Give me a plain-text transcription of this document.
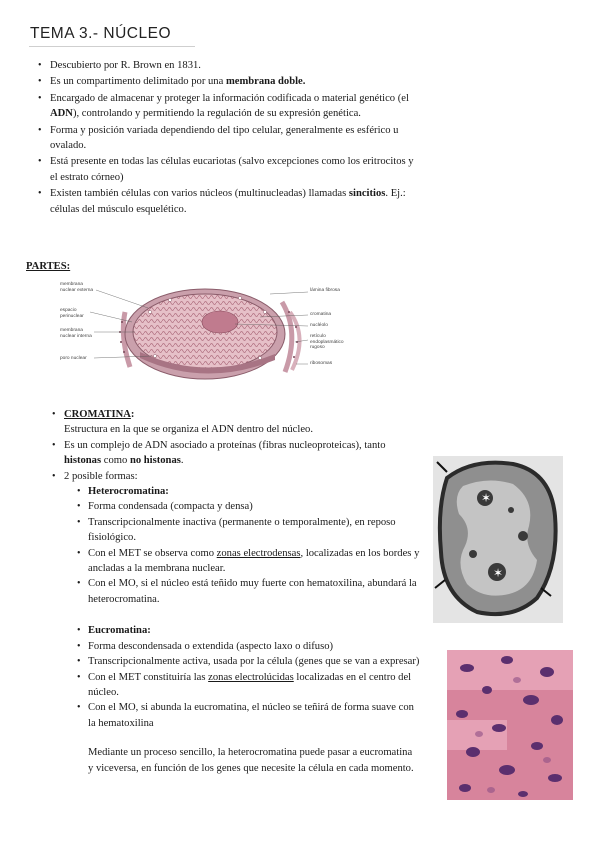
TEMA 3.- NÚCLEO
• Descubierto por R. Brown en 1831.
• Es un compartimento delimitado por una membrana doble.
• Encargado de almacenar y proteger la información codificada o material genético (el ADN), controlando y permitiendo la regulación de su expresión genética.
• Forma y posición variada dependiendo del tipo celular, generalmente es esférico u ovalado.
• Está presente en todas las células eucariotas (salvo excepciones como los eritrocitos y el estrato córneo)
• Existen también células con varios núcleos (multinucleadas) llamadas sincitios. Ej.: células del músculo esquelético.
PARTES:
membrana nuclear externa
espacio perinuclear
membrana nuclear interna
poro nuclear
lámina fibrosa
cromatina
nucléolo
retículo endoplasmático rugoso
ribosomas
• CROMATINA:
Estructura en la que se organiza el ADN dentro del núcleo.
• Es un complejo de ADN asociado a proteínas (fibras nucleoproteicas), tanto histonas como no histonas.
• 2 posible formas:
• Heterocromatina:
• Forma condensada (compacta y densa)
• Transcripcionalmente inactiva (permanente o temporalmente), en reposo fisiológico.
• Con el MET se observa como zonas electrodensas, localizadas en los bordes y ancladas a la membrana nuclear.
• Con el MO, si el núcleo está teñido muy fuerte con hematoxilina, abundará la heterocromatina.
• Eucromatina:
• Forma descondensada o extendida (aspecto laxo o difuso)
• Transcripcionalmente activa, usada por la célula (genes que se van a expresar)
• Con el MET constituiría las zonas electrolúcidas localizadas en el centro del núcleo.
• Con el MO, si abunda la eucromatina, el núcleo se teñirá de forma suave con la hematoxilina
Mediante un proceso sencillo, la heterocromatina puede pasar a eucromatina y viceversa, en función de los genes que necesite la célula en cada momento.
✶
✶
